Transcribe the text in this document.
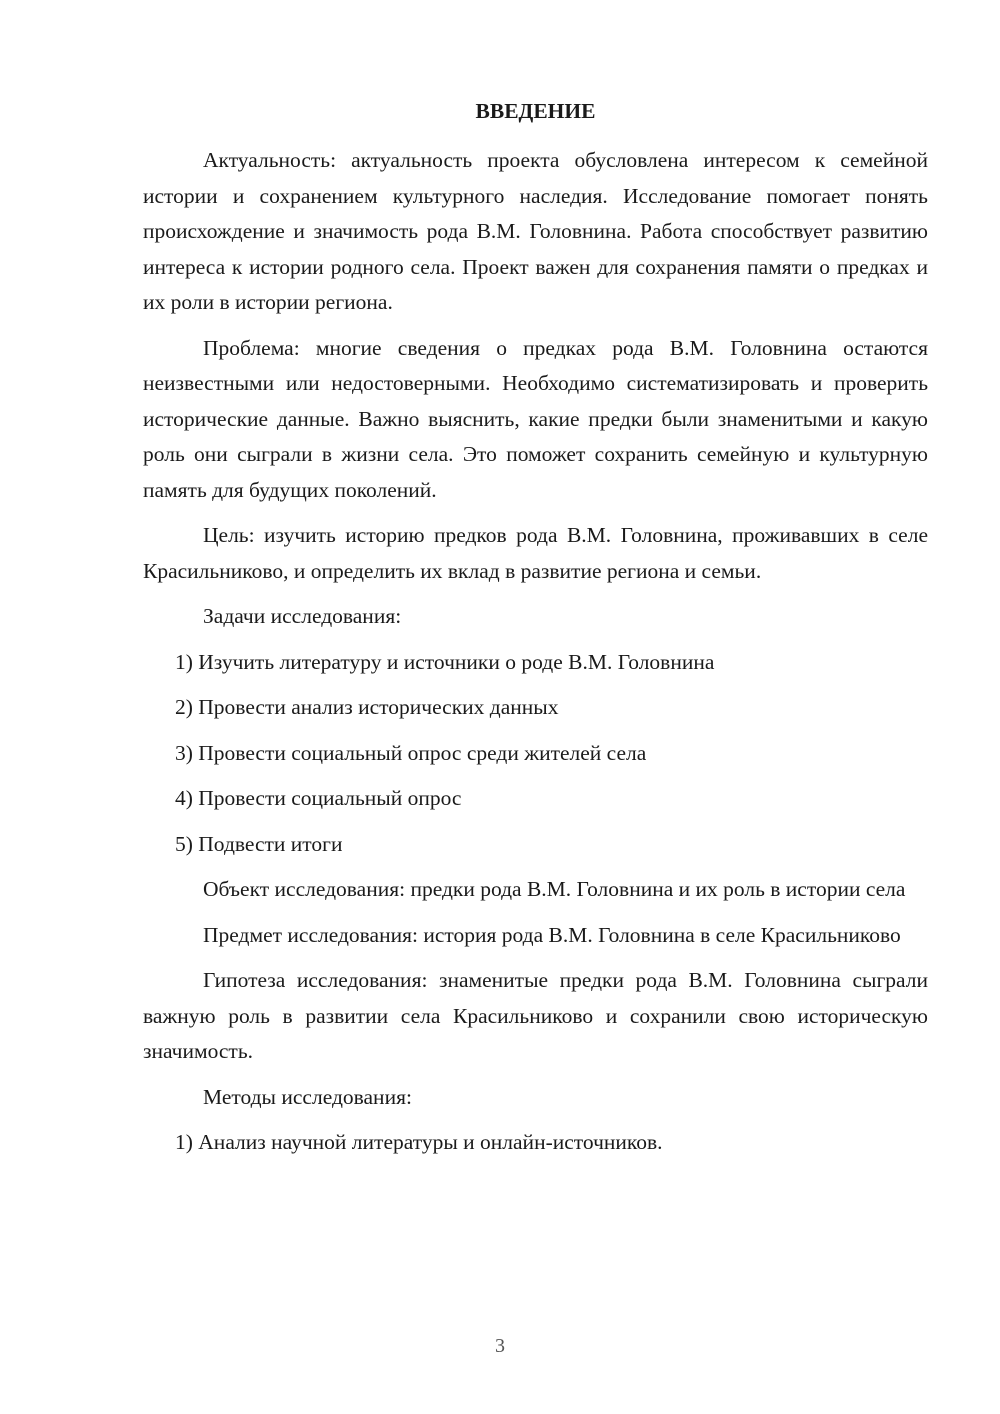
ВВЕДЕНИЕ

Актуальность: актуальность проекта обусловлена интересом к семейной истории и сохранением культурного наследия. Исследование помогает понять происхождение и значимость рода В.М. Головнина. Работа способствует развитию интереса к истории родного села. Проект важен для сохранения памяти о предках и их роли в истории региона.

Проблема: многие сведения о предках рода В.М. Головнина остаются неизвестными или недостоверными. Необходимо систематизировать и проверить исторические данные. Важно выяснить, какие предки были знаменитыми и какую роль они сыграли в жизни села. Это поможет сохранить семейную и культурную память для будущих поколений.

Цель: изучить историю предков рода В.М. Головнина, проживавших в селе Красильниково, и определить их вклад в развитие региона и семьи.

Задачи исследования:

1) Изучить литературу и источники о роде В.М. Головнина
2) Провести анализ исторических данных
3) Провести социальный опрос среди жителей села
4) Провести социальный опрос
5) Подвести итоги

Объект исследования: предки рода В.М. Головнина и их роль в истории села

Предмет исследования: история рода В.М. Головнина в селе Красильниково

Гипотеза исследования: знаменитые предки рода В.М. Головнина сыграли важную роль в развитии села Красильниково и сохранили свою историческую значимость.

Методы исследования:

1) Анализ научной литературы и онлайн-источников.
3
